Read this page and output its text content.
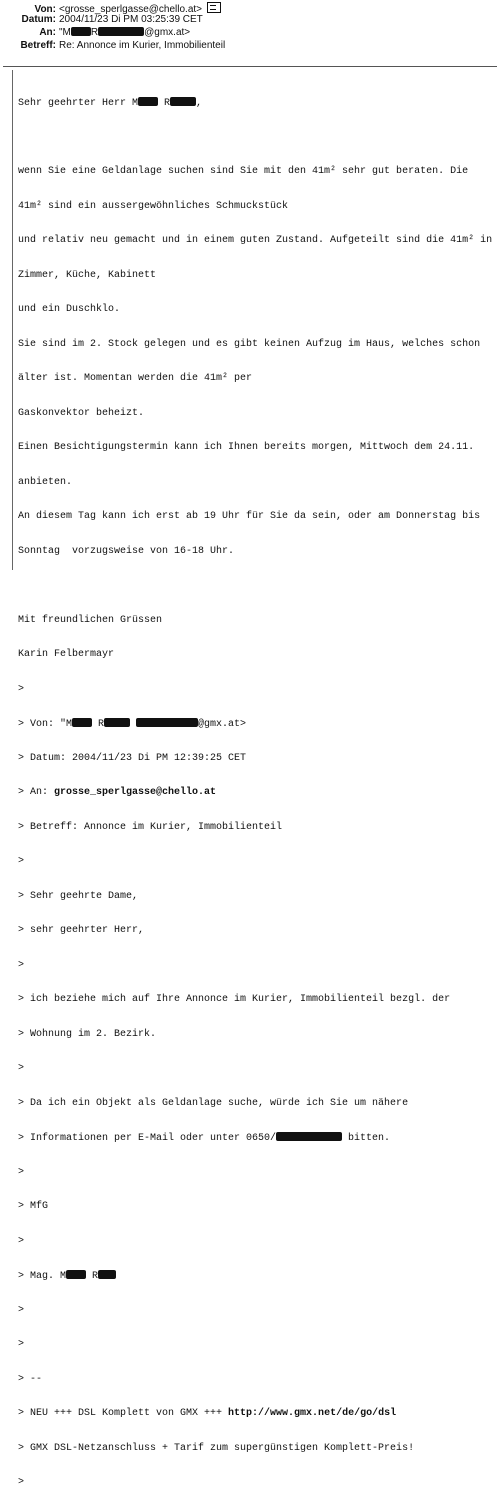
Von: <grosse_sperlgasse@chello.at>
Datum: 2004/11/23 Di PM 03:25:39 CET
An: "M R	@gmx.at>
Betreff: Re: Annonce im Kurier, Immobilienteil

Sehr geehrter Herr M R	,

wenn Sie eine Geldanlage suchen sind Sie mit den 41m² sehr gut beraten. Die

41m² sind ein aussergewöhnliches Schmuckstück

und relativ neu gemacht und in einem guten Zustand. Aufgeteilt sind die 41m² in

Zimmer, Küche, Kabinett

und ein Duschklo.

Sie sind im 2. Stock gelegen und es gibt keinen Aufzug im Haus, welches schon

älter ist. Momentan werden die 41m² per

Gaskonvektor beheizt.

Einen Besichtigungstermin kann ich Ihnen bereits morgen, Mittwoch dem 24.11.

anbieten.

An diesem Tag kann ich erst ab 19 Uhr für Sie da sein, oder am Donnerstag bis

Sonntag  vorzugsweise von 16-18 Uhr.

Mit freundlichen Grüssen

Karin Felbermayr

>

> Von: "M R	@gmx.at>

> Datum: 2004/11/23 Di PM 12:39:25 CET

> An: grosse_sperlgasse@chello.at

> Betreff: Annonce im Kurier, Immobilienteil

>

> Sehr geehrte Dame,

> sehr geehrter Herr,

>

> ich beziehe mich auf Ihre Annonce im Kurier, Immobilienteil bezgl. der

> Wohnung im 2. Bezirk.

>

> Da ich ein Objekt als Geldanlage suche, würde ich Sie um nähere

> Informationen per E-Mail oder unter 0650/	bitten.

>

> MfG

>

> Mag. M R

>

>

> --

> NEU +++ DSL Komplett von GMX +++ http://www.gmx.net/de/go/dsl

> GMX DSL-Netzanschluss + Tarif zum supergünstigen Komplett-Preis!

>
